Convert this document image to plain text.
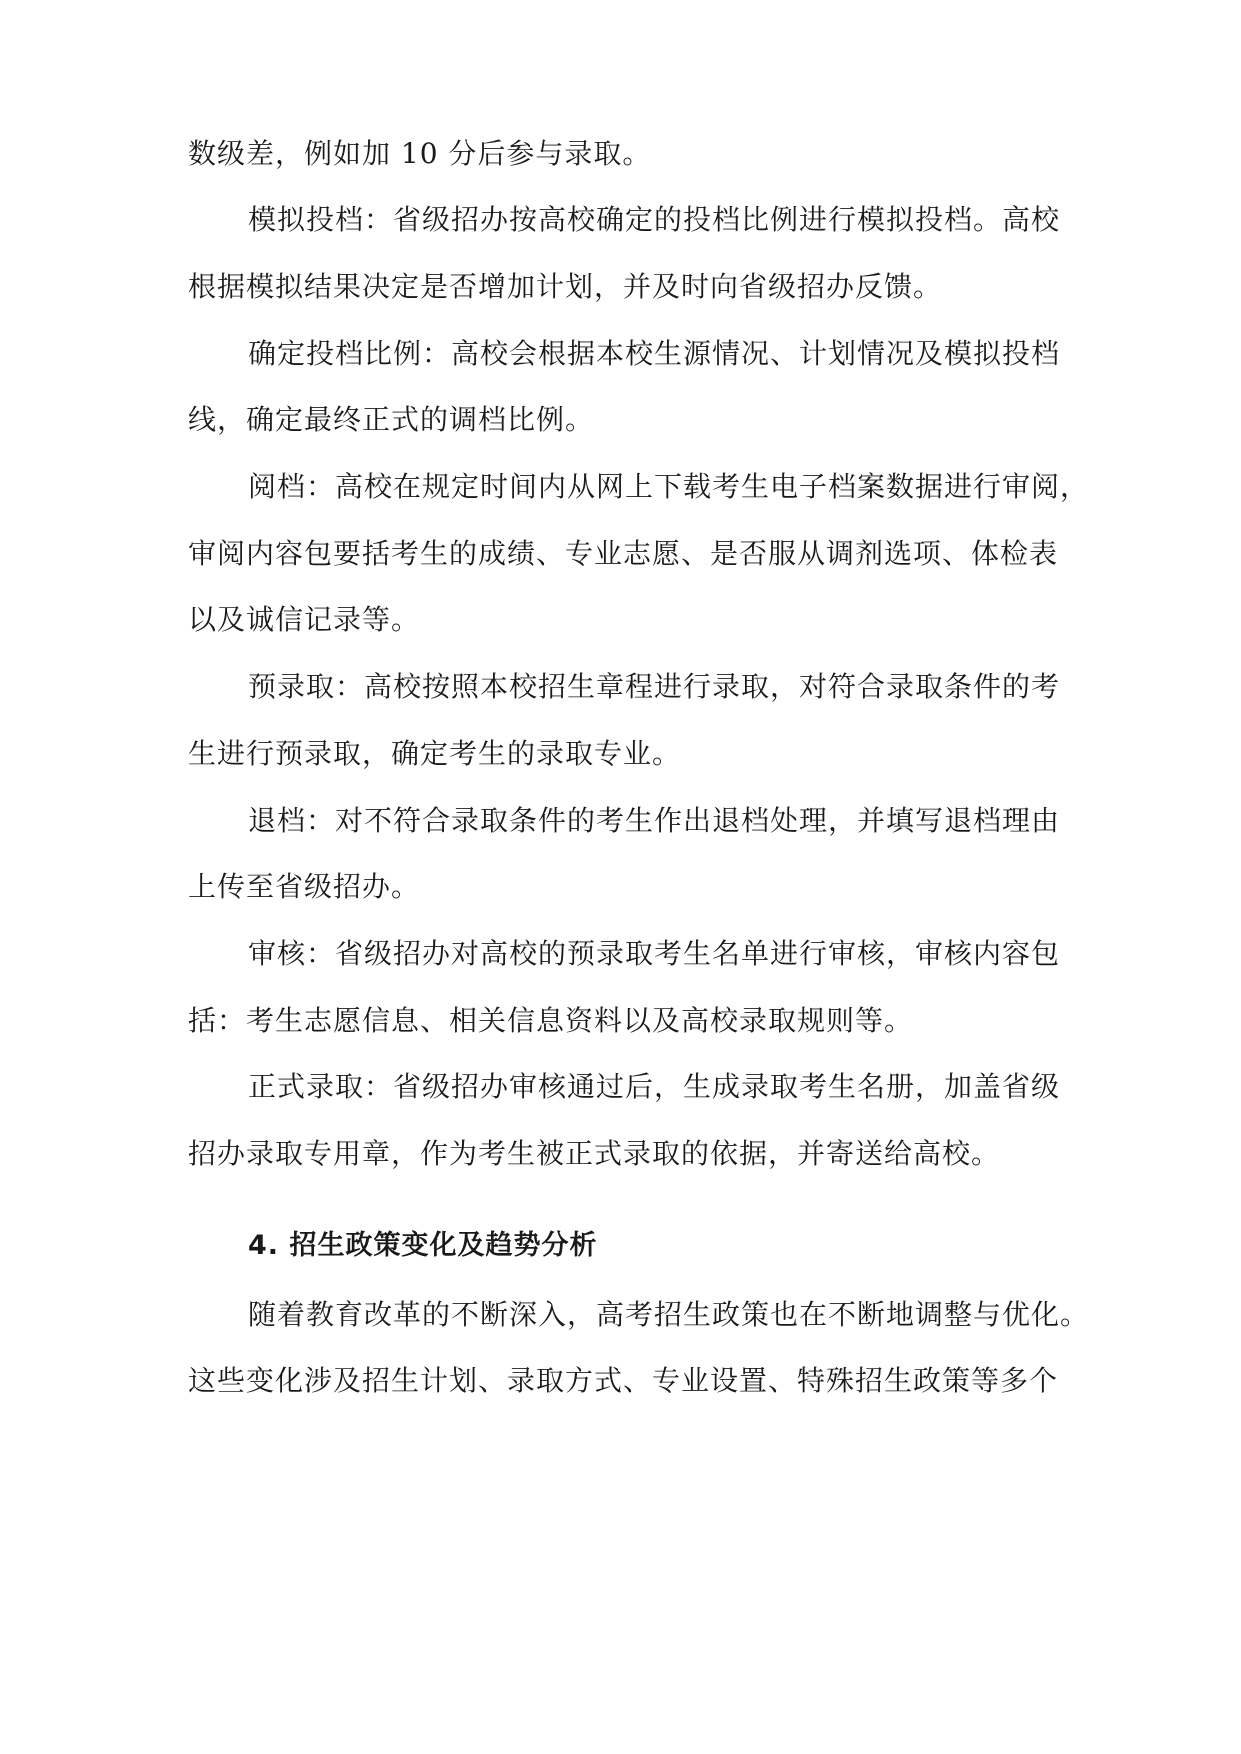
数级差，例如加 10 分后参与录取。
模拟投档：省级招办按高校确定的投档比例进行模拟投档。高校
根据模拟结果决定是否增加计划，并及时向省级招办反馈。
确定投档比例：高校会根据本校生源情况、计划情况及模拟投档
线，确定最终正式的调档比例。
阅档：高校在规定时间内从网上下载考生电子档案数据进行审阅，
审阅内容包要括考生的成绩、专业志愿、是否服从调剂选项、体检表
以及诚信记录等。
预录取：高校按照本校招生章程进行录取，对符合录取条件的考
生进行预录取，确定考生的录取专业。
退档：对不符合录取条件的考生作出退档处理，并填写退档理由
上传至省级招办。
审核：省级招办对高校的预录取考生名单进行审核，审核内容包
括：考生志愿信息、相关信息资料以及高校录取规则等。
正式录取：省级招办审核通过后，生成录取考生名册，加盖省级
招办录取专用章，作为考生被正式录取的依据，并寄送给高校。
4. 招生政策变化及趋势分析
随着教育改革的不断深入，高考招生政策也在不断地调整与优化。
这些变化涉及招生计划、录取方式、专业设置、特殊招生政策等多个
